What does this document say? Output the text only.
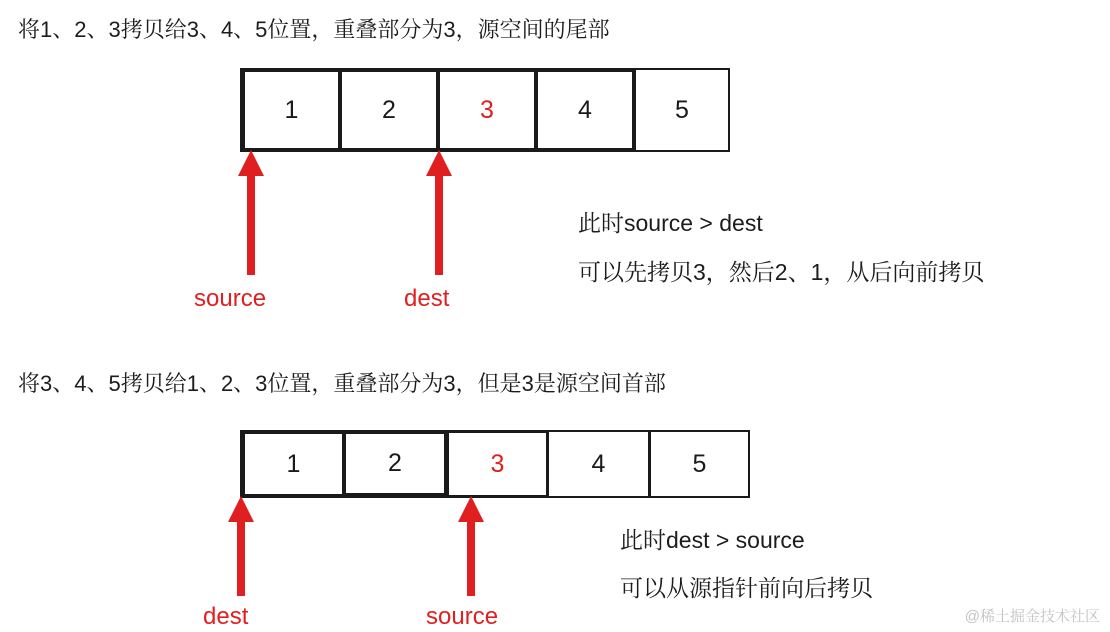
将1、2、3拷贝给3、4、5位置，重叠部分为3，源空间的尾部
1	2	3	4	5
source	dest
此时source > dest
可以先拷贝3，然后2、1，从后向前拷贝
将3、4、5拷贝给1、2、3位置，重叠部分为3，但是3是源空间首部
1	2	3	4	5
dest	source
此时dest > source
可以从源指针前向后拷贝
@稀土掘金技术社区
